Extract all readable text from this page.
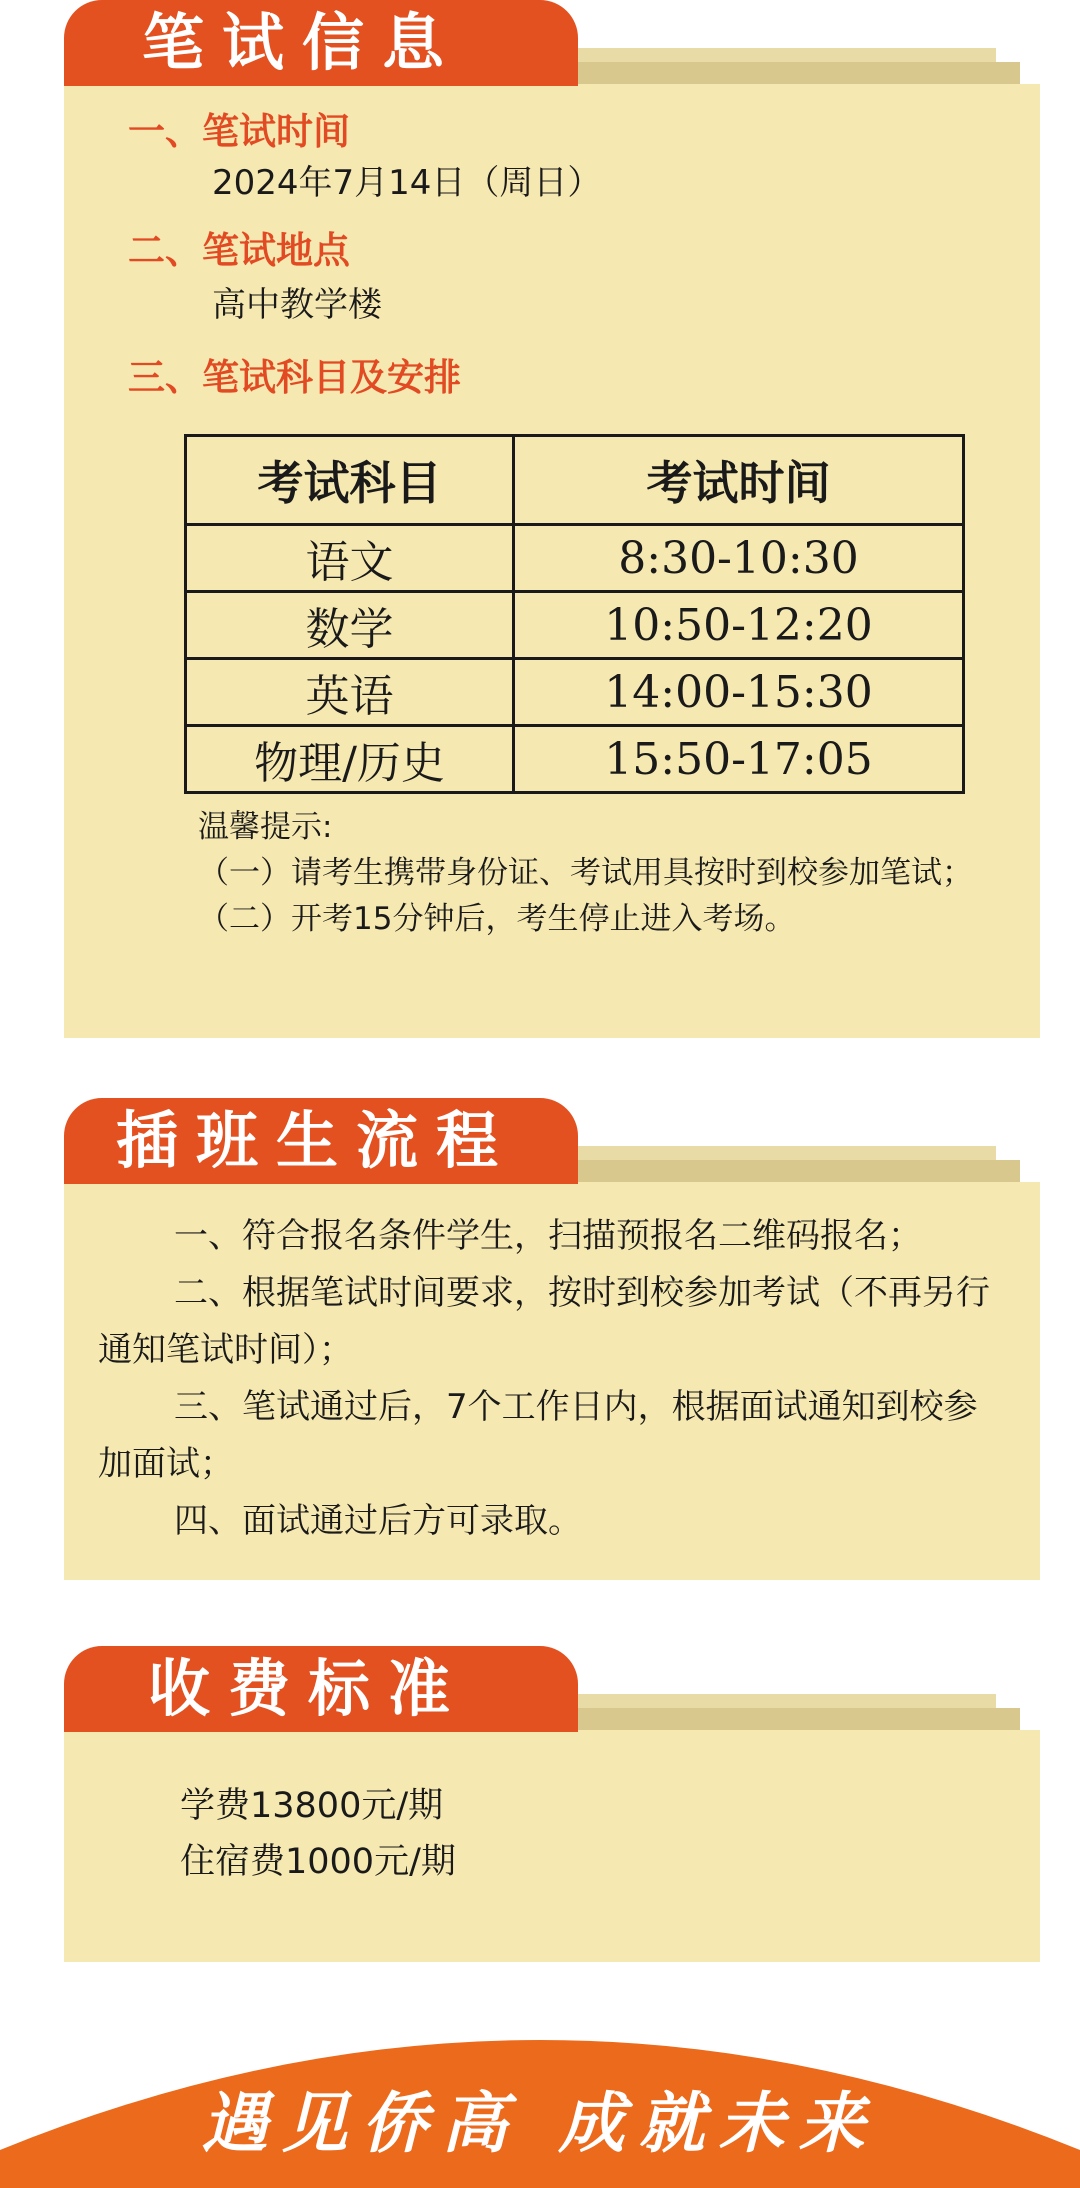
笔试信息
一、笔试时间
2024年7月14日（周日）
二、笔试地点
高中教学楼
三、笔试科目及安排
考试科目	考试时间
语文	8:30-10:30
数学	10:50-12:20
英语	14:00-15:30
物理/历史	15:50-17:05
温馨提示:
（一）请考生携带身份证、考试用具按时到校参加笔试；
（二）开考15分钟后，考生停止进入考场。
插班生流程

一、符合报名条件学生，扫描预报名二维码报名；

二、根据笔试时间要求，按时到校参加考试（不再另行通知笔试时间）；

三、笔试通过后，7个工作日内，根据面试通知到校参加面试；

四、面试通过后方可录取。

收费标准
学费13800元/期
住宿费1000元/期
遇见侨高 成就未来
